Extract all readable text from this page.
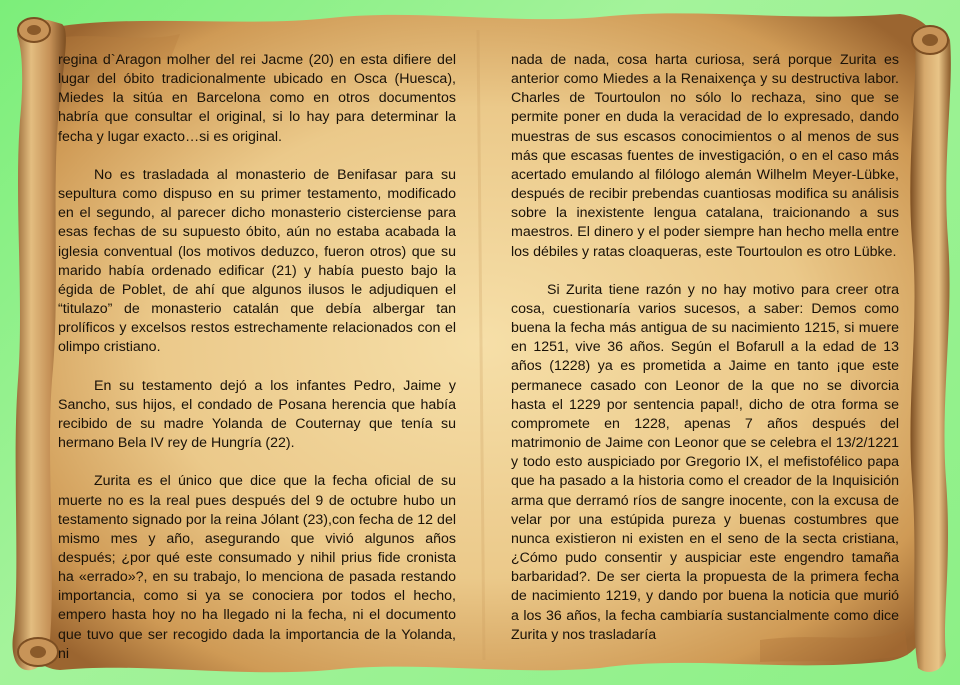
regina d`Aragon molher del rei Jacme (20) en esta difiere del lugar del óbito tradicionalmente ubicado en Osca (Huesca), Miedes la sitúa en Barcelona como en otros documentos habría que consultar el original, si lo hay para determinar la fecha y lugar exacto…si es original.

No es trasladada al monasterio de Benifasar para su sepultura como dispuso en su primer testamento, modificado en el segundo, al parecer dicho monasterio cisterciense para esas fechas de su supuesto óbito, aún no estaba acabada la iglesia conventual (los motivos deduzco, fueron otros) que su marido había ordenado edificar (21) y había puesto bajo la égida de Poblet, de ahí que algunos ilusos le adjudiquen el “titulazo” de monasterio catalán que debía albergar tan prolíficos y excelsos restos estrechamente relacionados con el olimpo cristiano.

En su testamento dejó a los infantes Pedro, Jaime y Sancho, sus hijos, el condado de Posana herencia que había recibido de su madre Yolanda de Couternay que tenía su hermano Bela IV rey de Hungría (22).

Zurita es el único que dice que la fecha oficial de su muerte no es la real pues después del 9 de octubre hubo un testamento signado por la reina Jólant (23),con fecha de 12 del mismo mes y año, asegurando que vivió algunos años después; ¿por qué este consumado y nihil prius fide cronista ha «errado»?, en su trabajo, lo menciona de pasada restando importancia, como si ya se conociera por todos el hecho, empero hasta hoy no ha llegado ni la fecha, ni el documento que tuvo que ser recogido dada la importancia de la Yolanda, ni

nada de nada, cosa harta curiosa, será porque Zurita es anterior como Miedes a la Renaixença y su destructiva labor. Charles de Tourtoulon no sólo lo rechaza, sino que se permite poner en duda la veracidad de lo expresado, dando muestras de sus escasos conocimientos o al menos de sus más que escasas fuentes de investigación, o en el caso más acertado emulando al filólogo alemán Wilhelm Meyer-Lübke, después de recibir prebendas cuantiosas modifica su análisis sobre la inexistente lengua catalana, traicionando a sus maestros. El dinero y el poder siempre han hecho mella entre los débiles y ratas cloaqueras, este Tourtoulon es otro Lübke.

Si Zurita tiene razón y no hay motivo para creer otra cosa, cuestionaría varios sucesos, a saber: Demos como buena la fecha más antigua de su nacimiento 1215, si muere en 1251, vive 36 años. Según el Bofarull a la edad de 13 años (1228) ya es prometida a Jaime en tanto ¡que este permanece casado con Leonor de la que no se divorcia hasta el 1229 por sentencia papal!, dicho de otra forma se compromete en 1228, apenas 7 años después del matrimonio de Jaime con Leonor que se celebra el 13/2/1221 y todo esto auspiciado por Gregorio IX, el mefistofélico papa que ha pasado a la historia como el creador de la Inquisición arma que derramó ríos de sangre inocente, con la excusa de velar por una estúpida pureza y buenas costumbres que nunca existieron ni existen en el seno de la secta cristiana, ¿Cómo pudo consentir y auspiciar este engendro tamaña barbaridad?. De ser cierta la propuesta de la primera fecha de nacimiento 1219, y dando por buena la noticia que murió a los 36 años, la fecha cambiaría sustancialmente como dice Zurita y nos trasladaría
